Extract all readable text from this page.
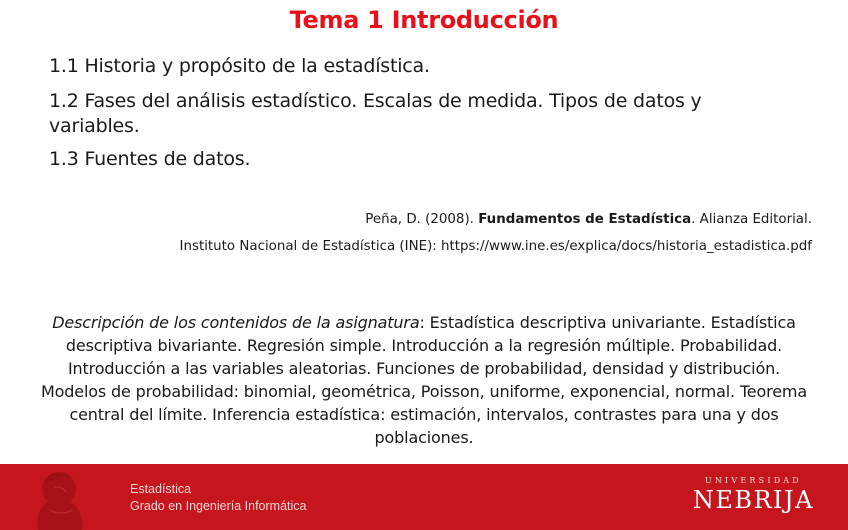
Tema 1 Introducción
1.1 Historia y propósito de la estadística.
1.2 Fases del análisis estadístico. Escalas de medida. Tipos de datos y variables.
1.3 Fuentes de datos.
Peña, D. (2008). Fundamentos de Estadística. Alianza Editorial.
Instituto Nacional de Estadística (INE): https://www.ine.es/explica/docs/historia_estadistica.pdf
Descripción de los contenidos de la asignatura: Estadística descriptiva univariante. Estadística descriptiva bivariante. Regresión simple. Introducción a la regresión múltiple. Probabilidad. Introducción a las variables aleatorias. Funciones de probabilidad, densidad y distribución. Modelos de probabilidad: binomial, geométrica, Poisson, uniforme, exponencial, normal. Teorema central del límite. Inferencia estadística: estimación, intervalos, contrastes para una y dos poblaciones.
Estadística
Grado en Ingeniería Informática
UNIVERSIDAD
NEBRIJA
